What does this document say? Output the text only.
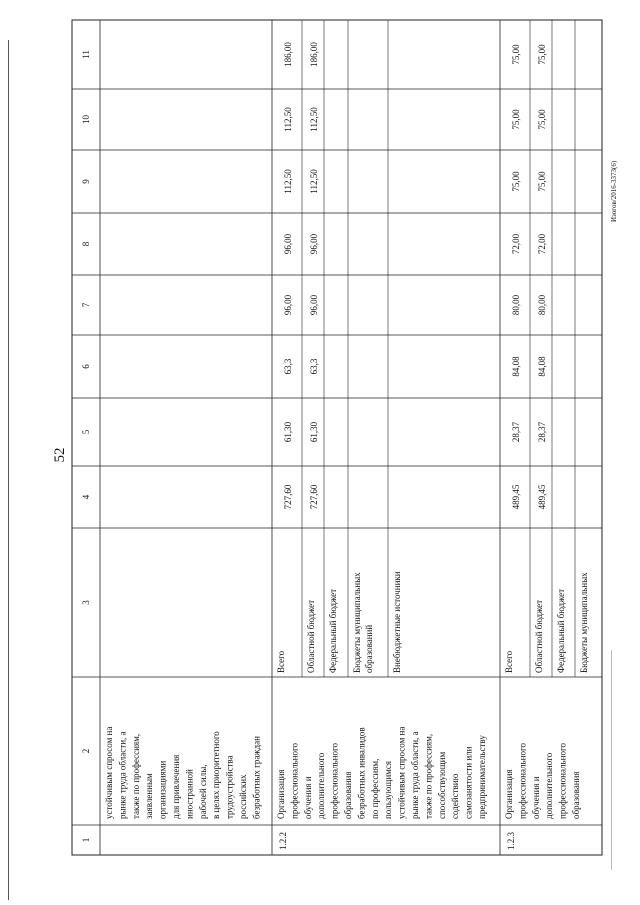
52
Изогов/2016-3373(6)
1
2
3
4
5
6
7
8
9
10
11
устойчивым спросом на рынке труда области, а также по профессиям, заявленным организациями для привлечения иностранной рабочей силы, в целях приоритетного трудоустройства российских безработных граждан
1.2.2
Организация профессионального обучения и дополнительного профессионального образования безработных инвалидов по профессиям, пользующимся устойчивым спросом на рынке труда области, а также по профессиям, способствующим содействию самозанятости или предпринимательству
Всего
727,60
61,30
63,3
96,00
96,00
112,50
112,50
186,00
Областной бюджет
727,60
61,30
63,3
96,00
96,00
112,50
112,50
186,00
Федеральный бюджет Бюджеты муниципальных образований Внебюджетные источники
1.2.3
Организация профессионального обучения и дополнительного профессионального образования
Всего
489,45
28,37
84,08
80,00
72,00
75,00
75,00
75,00
Областной бюджет
489,45
28,37
84,08
80,00
72,00
75,00
75,00
75,00
Федеральный бюджет Бюджеты муниципальных
